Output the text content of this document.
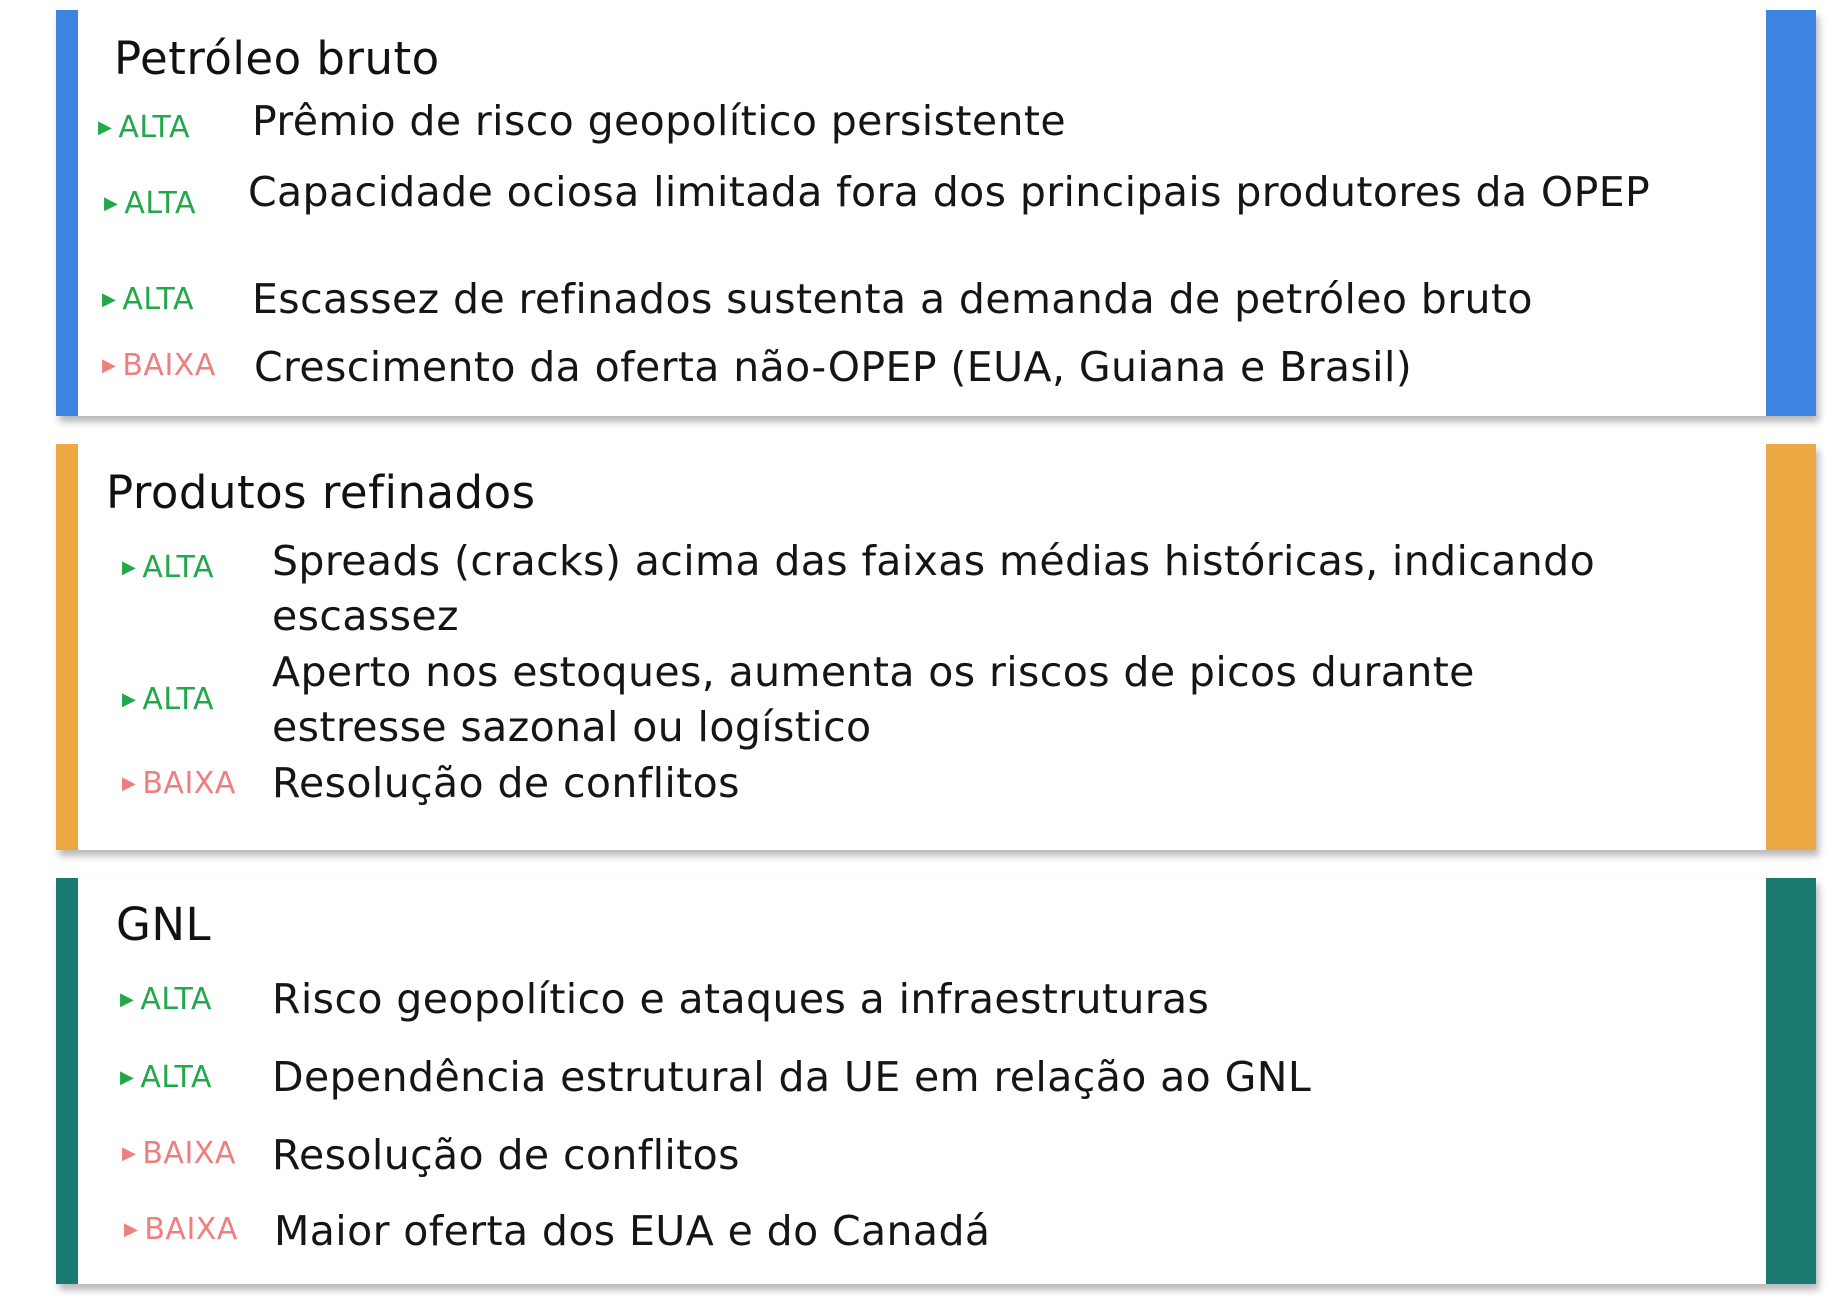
Petróleo bruto
▶ ALTA Prêmio de risco geopolítico persistente
▶ ALTA Capacidade ociosa limitada fora dos principais produtores da OPEP
▶ ALTA Escassez de refinados sustenta a demanda de petróleo bruto
▶ BAIXA Crescimento da oferta não-OPEP (EUA, Guiana e Brasil)
Produtos refinados
▶ ALTA Spreads (cracks) acima das faixas médias históricas, indicando escassez
▶ ALTA
Aperto nos estoques, aumenta os riscos de picos durante estresse sazonal ou logístico
▶ BAIXA Resolução de conflitos
GNL
▶ ALTA Risco geopolítico e ataques a infraestruturas
▶ ALTA Dependência estrutural da UE em relação ao GNL
▶ BAIXA Resolução de conflitos
▶ BAIXA Maior oferta dos EUA e do Canadá
